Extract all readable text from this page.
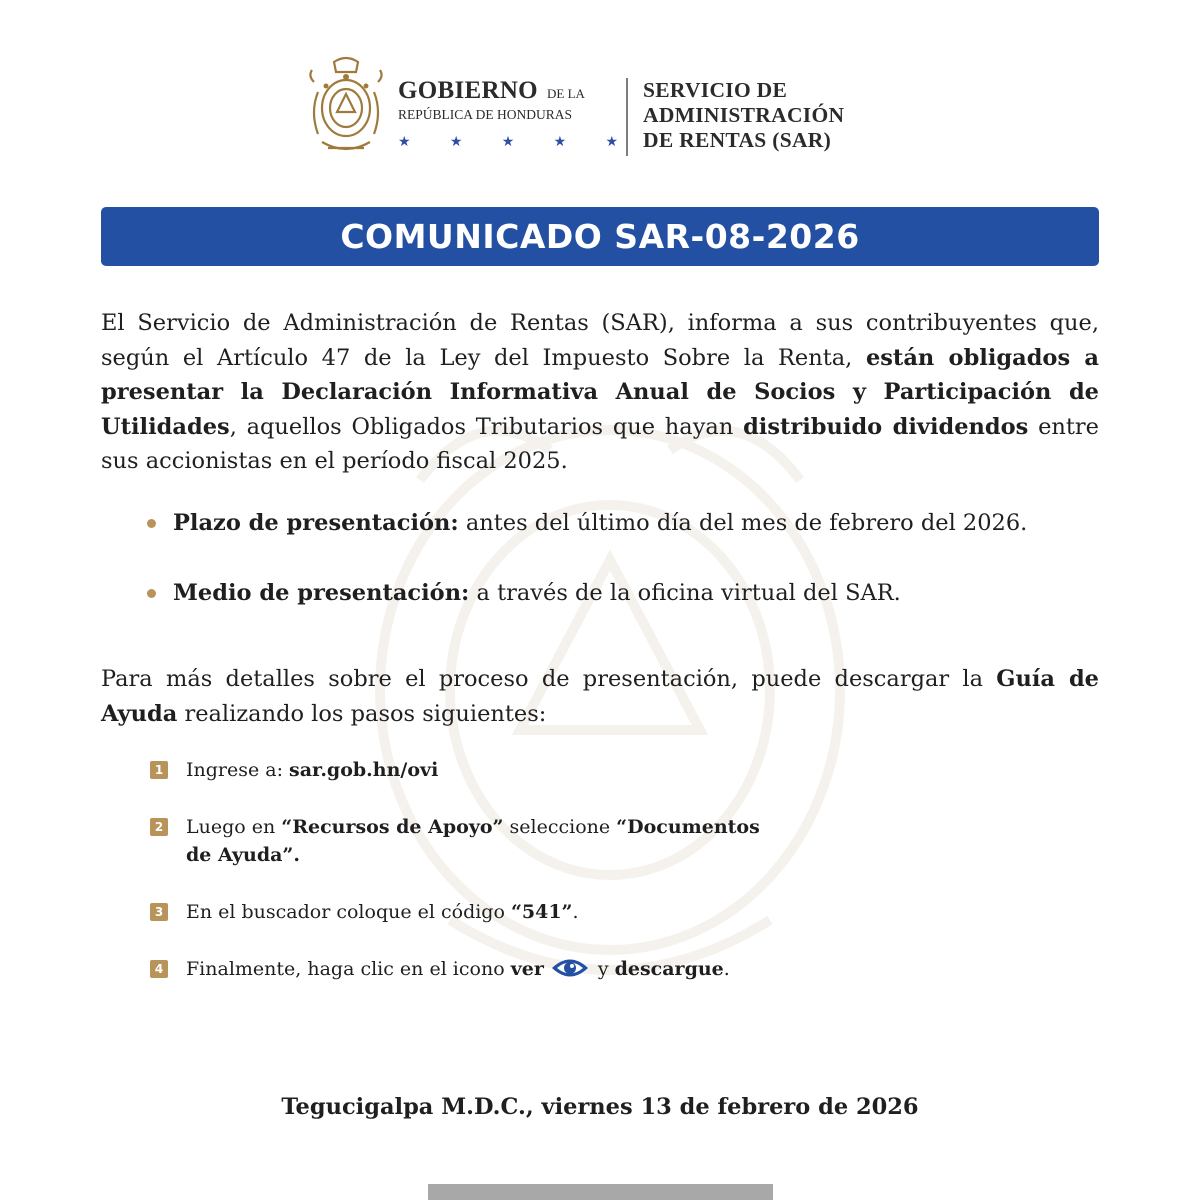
GOBIERNO DE LA
REPÚBLICA DE HONDURAS
★	★	★	★	★
SERVICIO DE
ADMINISTRACIÓN
DE RENTAS (SAR)
COMUNICADO SAR-08-2026
El Servicio de Administración de Rentas (SAR), informa a sus contribuyentes que, según el Artículo 47 de la Ley del Impuesto Sobre la Renta, están obligados a presentar la Declaración Informativa Anual de Socios y Participación de Utilidades, aquellos Obligados Tributarios que hayan distribuido dividendos entre sus accionistas en el período fiscal 2025.
Plazo de presentación: antes del último día del mes de febrero del 2026.
Medio de presentación: a través de la oficina virtual del SAR.
Para más detalles sobre el proceso de presentación, puede descargar la Guía de Ayuda realizando los pasos siguientes:
1 Ingrese a: sar.gob.hn/ovi
2 Luego en “Recursos de Apoyo” seleccione “Documentos
de Ayuda”.
3 En el buscador coloque el código “541”.
4 Finalmente, haga clic en el icono ver	y descargue.
Tegucigalpa M.D.C., viernes 13 de febrero de 2026
